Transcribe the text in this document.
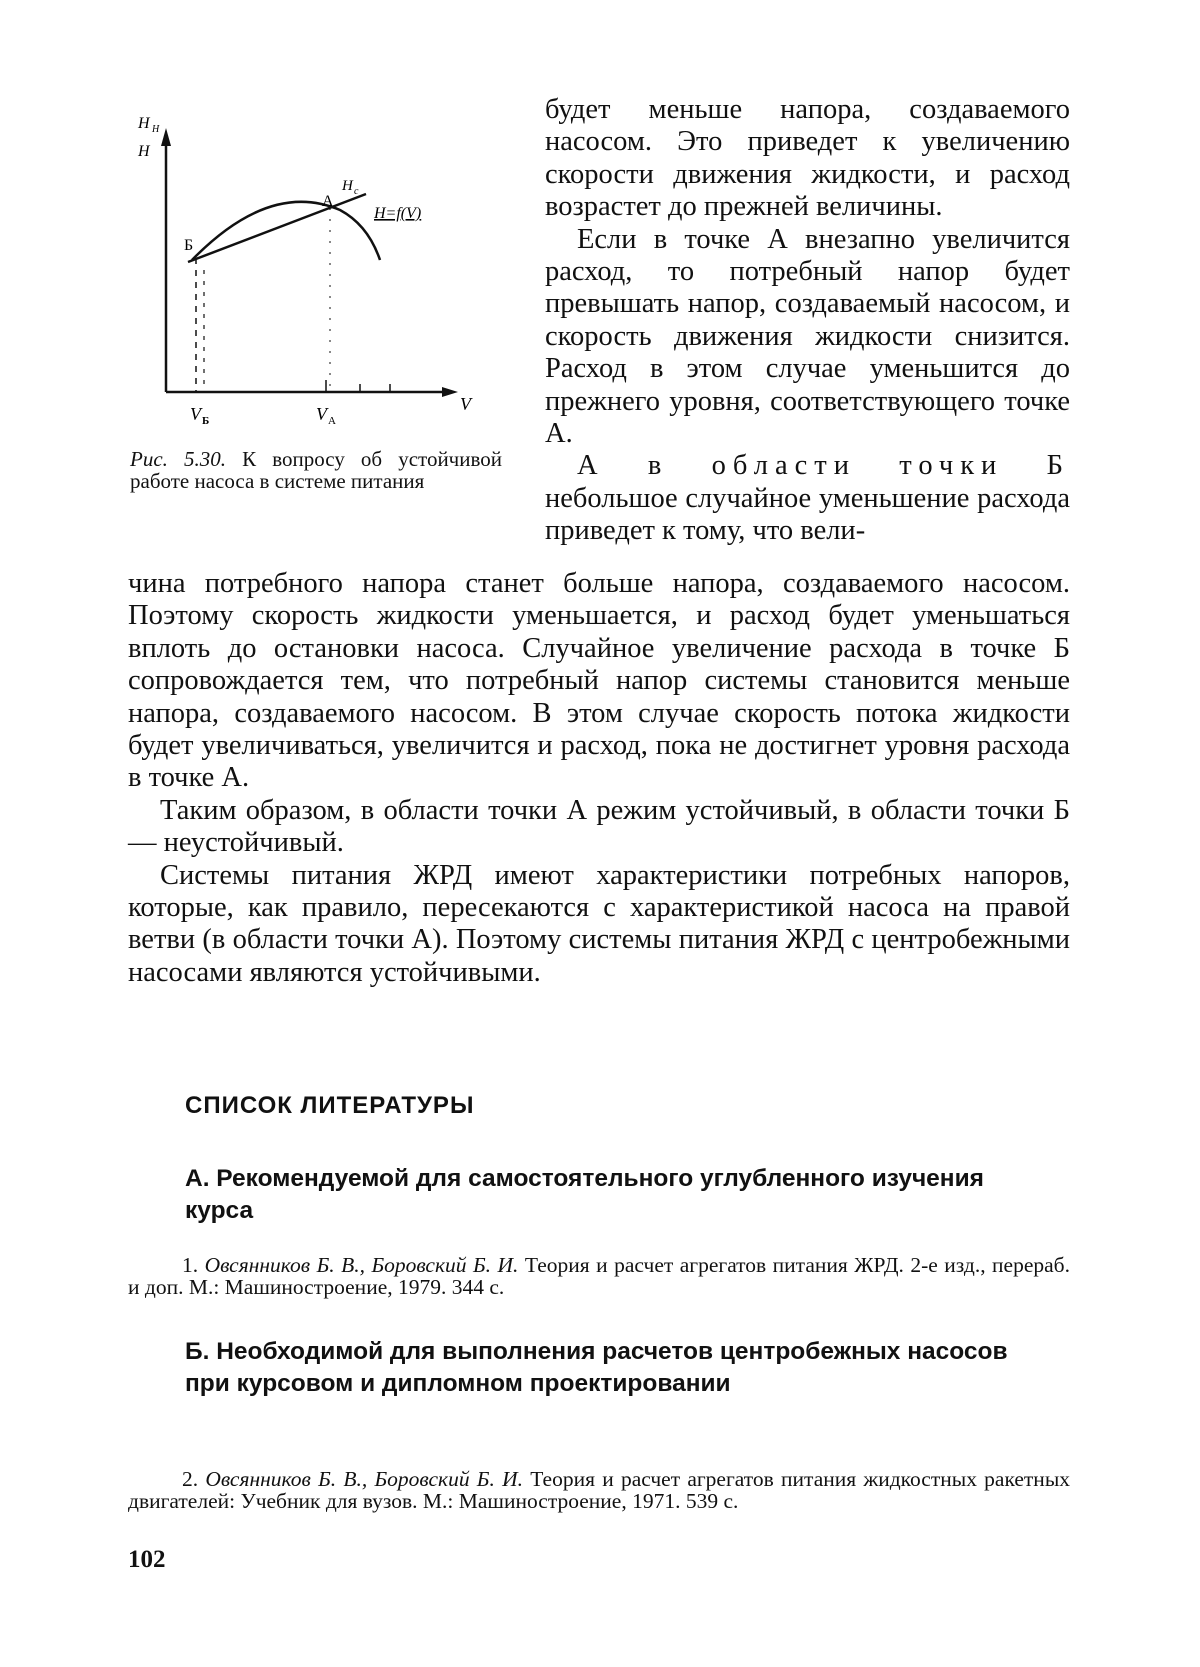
H Н
Н
V
Б
А
Н с
Н=f(V)
V Б	V A
Рис. 5.30. К вопросу об устойчивой работе насоса в системе питания

будет меньше напора, создаваемого насосом. Это приведет к увеличению скорости движения жидкости, и расход возрастет до прежней величины.

Если в точке А внезапно увеличится расход, то потребный напор будет превышать напор, создаваемый насосом, и скорость движения жидкости снизится. Расход в этом случае уменьшится до прежнего уровня, соответствующего точке А.

А в области точки Б небольшое случайное уменьшение расхода приведет к тому, что вели-

чина потребного напора станет больше напора, создаваемого насосом. Поэтому скорость жидкости уменьшается, и расход будет уменьшаться вплоть до остановки насоса. Случайное увеличение расхода в точке Б сопровождается тем, что потребный напор системы становится меньше напора, создаваемого насосом. В этом случае скорость потока жидкости будет увеличиваться, увеличится и расход, пока не достигнет уровня расхода в точке А.

Таким образом, в области точки А режим устойчивый, в области точки Б — неустойчивый.

Системы питания ЖРД имеют характеристики потребных напоров, которые, как правило, пересекаются с характеристикой насоса на правой ветви (в области точки А). Поэтому системы питания ЖРД с центробежными насосами являются устойчивыми.

СПИСОК ЛИТЕРАТУРЫ
А. Рекомендуемой для самостоятельного углубленного изучения курса
1. Овсянников Б. В., Боровский Б. И. Теория и расчет агрегатов питания ЖРД. 2-е изд., перераб. и доп. М.: Машиностроение, 1979. 344 с.
Б. Необходимой для выполнения расчетов центробежных насосов при курсовом и дипломном проектировании
2. Овсянников Б. В., Боровский Б. И. Теория и расчет агрегатов питания жидкостных ракетных двигателей: Учебник для вузов. М.: Машиностроение, 1971. 539 с.
102
